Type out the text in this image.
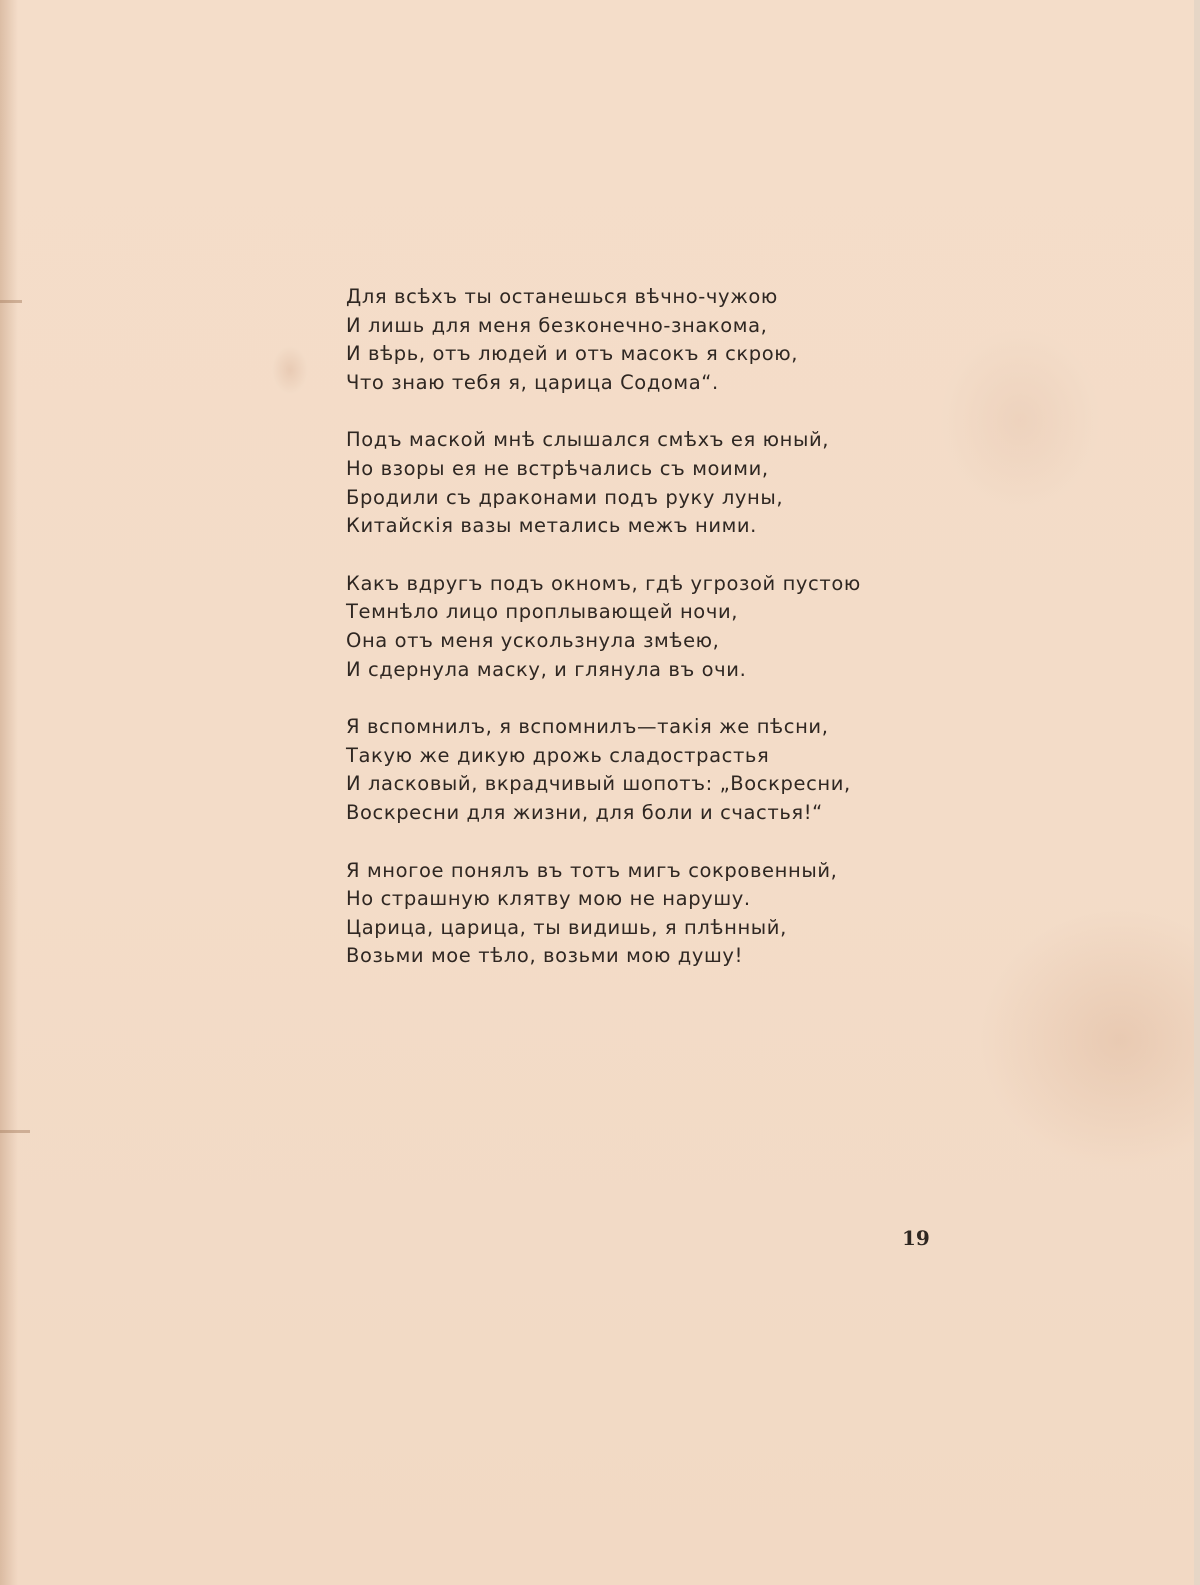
Для всѣхъ ты останешься вѣчно-чужою
И лишь для меня безконечно-знакома,
И вѣрь, отъ людей и отъ масокъ я скрою,
Что знаю тебя я, царица Содома“.
Подъ маской мнѣ слышался смѣхъ ея юный,
Но взоры ея не встрѣчались съ моими,
Бродили съ драконами подъ руку луны,
Китайскія вазы метались межъ ними.
Какъ вдругъ подъ окномъ, гдѣ угрозой пустою
Темнѣло лицо проплывающей ночи,
Она отъ меня ускользнула змѣею,
И сдернула маску, и глянула въ очи.
Я вспомнилъ, я вспомнилъ—такія же пѣсни,
Такую же дикую дрожь сладострастья
И ласковый, вкрадчивый шопотъ: „Воскресни,
Воскресни для жизни, для боли и счастья!“
Я многое понялъ въ тотъ мигъ сокровенный,
Но страшную клятву мою не нарушу.
Царица, царица, ты видишь, я плѣнный,
Возьми мое тѣло, возьми мою душу!
19
